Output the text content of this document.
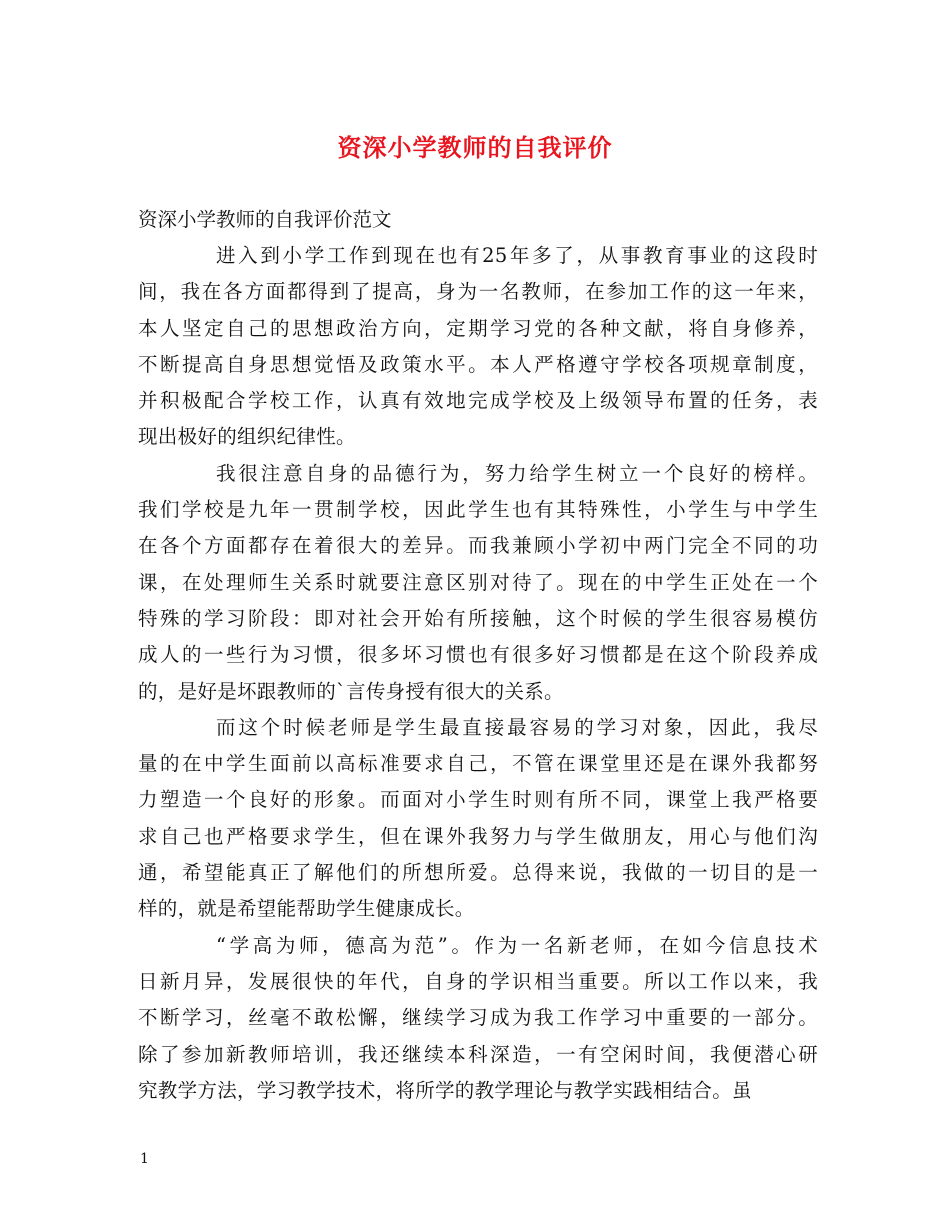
资深小学教师的自我评价

资深小学教师的自我评价范文

进入到小学工作到现在也有25年多了，从事教育事业的这段时
间，我在各方面都得到了提高，身为一名教师，在参加工作的这一年来，
本人坚定自己的思想政治方向，定期学习党的各种文献，将自身修养，
不断提高自身思想觉悟及政策水平。本人严格遵守学校各项规章制度，
并积极配合学校工作，认真有效地完成学校及上级领导布置的任务，表
现出极好的组织纪律性。
我很注意自身的品德行为，努力给学生树立一个良好的榜样。
我们学校是九年一贯制学校，因此学生也有其特殊性，小学生与中学生
在各个方面都存在着很大的差异。而我兼顾小学初中两门完全不同的功
课，在处理师生关系时就要注意区别对待了。现在的中学生正处在一个
特殊的学习阶段：即对社会开始有所接触，这个时候的学生很容易模仿
成人的一些行为习惯，很多坏习惯也有很多好习惯都是在这个阶段养成
的，是好是坏跟教师的`言传身授有很大的关系。
而这个时候老师是学生最直接最容易的学习对象，因此，我尽
量的在中学生面前以高标准要求自己，不管在课堂里还是在课外我都努
力塑造一个良好的形象。而面对小学生时则有所不同，课堂上我严格要
求自己也严格要求学生，但在课外我努力与学生做朋友，用心与他们沟
通，希望能真正了解他们的所想所爱。总得来说，我做的一切目的是一
样的，就是希望能帮助学生健康成长。
“学高为师，德高为范”。作为一名新老师，在如今信息技术
日新月异，发展很快的年代，自身的学识相当重要。所以工作以来，我
不断学习，丝毫不敢松懈，继续学习成为我工作学习中重要的一部分。
除了参加新教师培训，我还继续本科深造，一有空闲时间，我便潜心研
究教学方法，学习教学技术，将所学的教学理论与教学实践相结合。虽
1
